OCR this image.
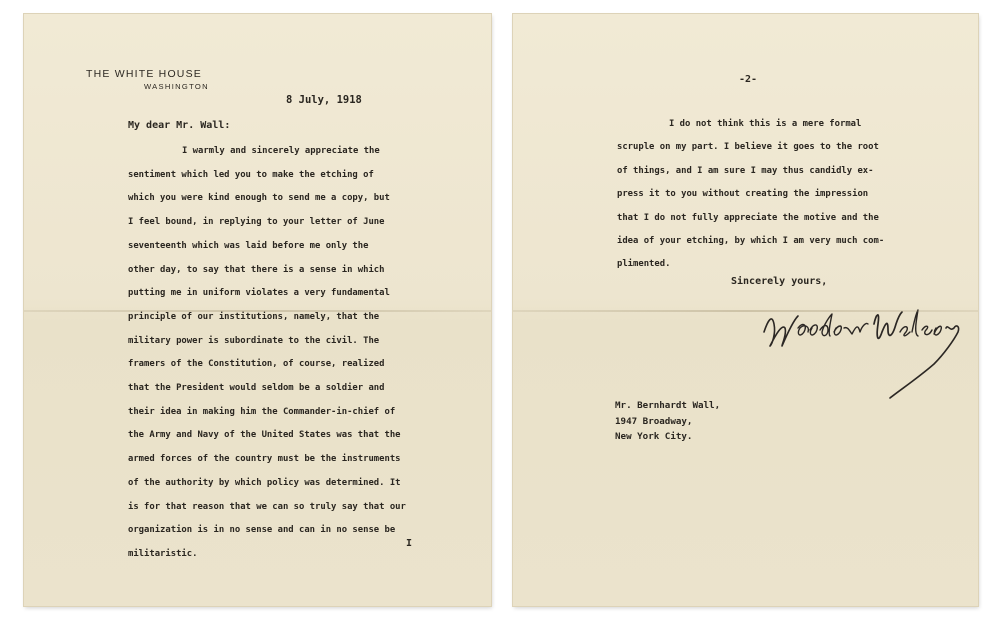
THE WHITE HOUSE
WASHINGTON
8 July, 1918
My dear Mr. Wall:
I warmly and sincerely appreciate the
sentiment which led you to make the etching of
which you were kind enough to send me a copy, but
I feel bound, in replying to your letter of June
seventeenth which was laid before me only the
other day, to say that there is a sense in which
putting me in uniform violates a very fundamental
principle of our institutions, namely, that the
military power is subordinate to the civil. The
framers of the Constitution, of course, realized
that the President would seldom be a soldier and
their idea in making him the Commander-in-chief of
the Army and Navy of the United States was that the
armed forces of the country must be the instruments
of the authority by which policy was determined. It
is for that reason that we can so truly say that our
organization is in no sense and can in no sense be
militaristic.
I
-2-
I do not think this is a mere formal
scruple on my part. I believe it goes to the root
of things, and I am sure I may thus candidly ex-
press it to you without creating the impression
that I do not fully appreciate the motive and the
idea of your etching, by which I am very much com-
plimented.
Sincerely yours,
Mr. Bernhardt Wall,
1947 Broadway,
New York City.
